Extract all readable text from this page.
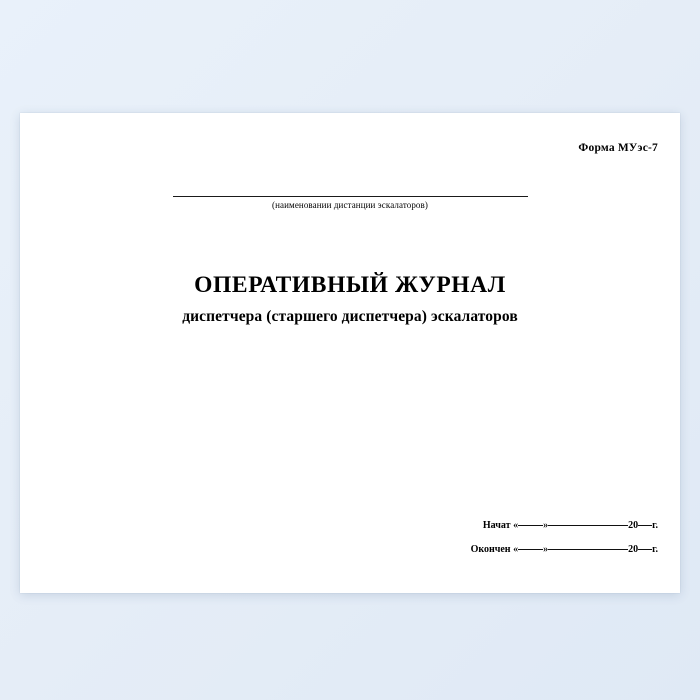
Форма МУэс-7
(наименовании дистанции эскалаторов)
ОПЕРАТИВНЫЙ ЖУРНАЛ
диспетчера (старшего диспетчера) эскалаторов
Начат «	»	20 г.
Окончен «	»	20 г.
